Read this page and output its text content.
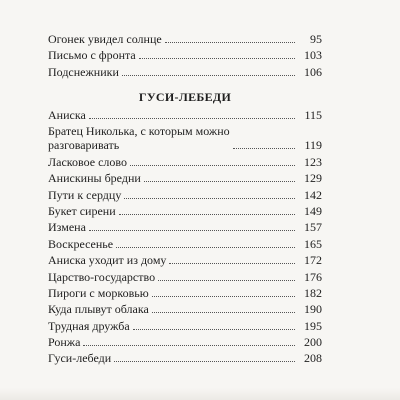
Огонек увидел солнце	95
Письмо с фронта	103
Подснежники	106
ГУСИ-ЛЕБЕДИ
Аниска	115
Братец Николька, с которым можно
разговаривать	119
Ласковое слово	123
Анискины бредни	129
Пути к сердцу	142
Букет сирени	149
Измена	157
Воскресенье	165
Аниска уходит из дому	172
Царство-государство	176
Пироги с морковью	182
Куда плывут облака	190
Трудная дружба	195
Ронжа	200
Гуси-лебеди	208
